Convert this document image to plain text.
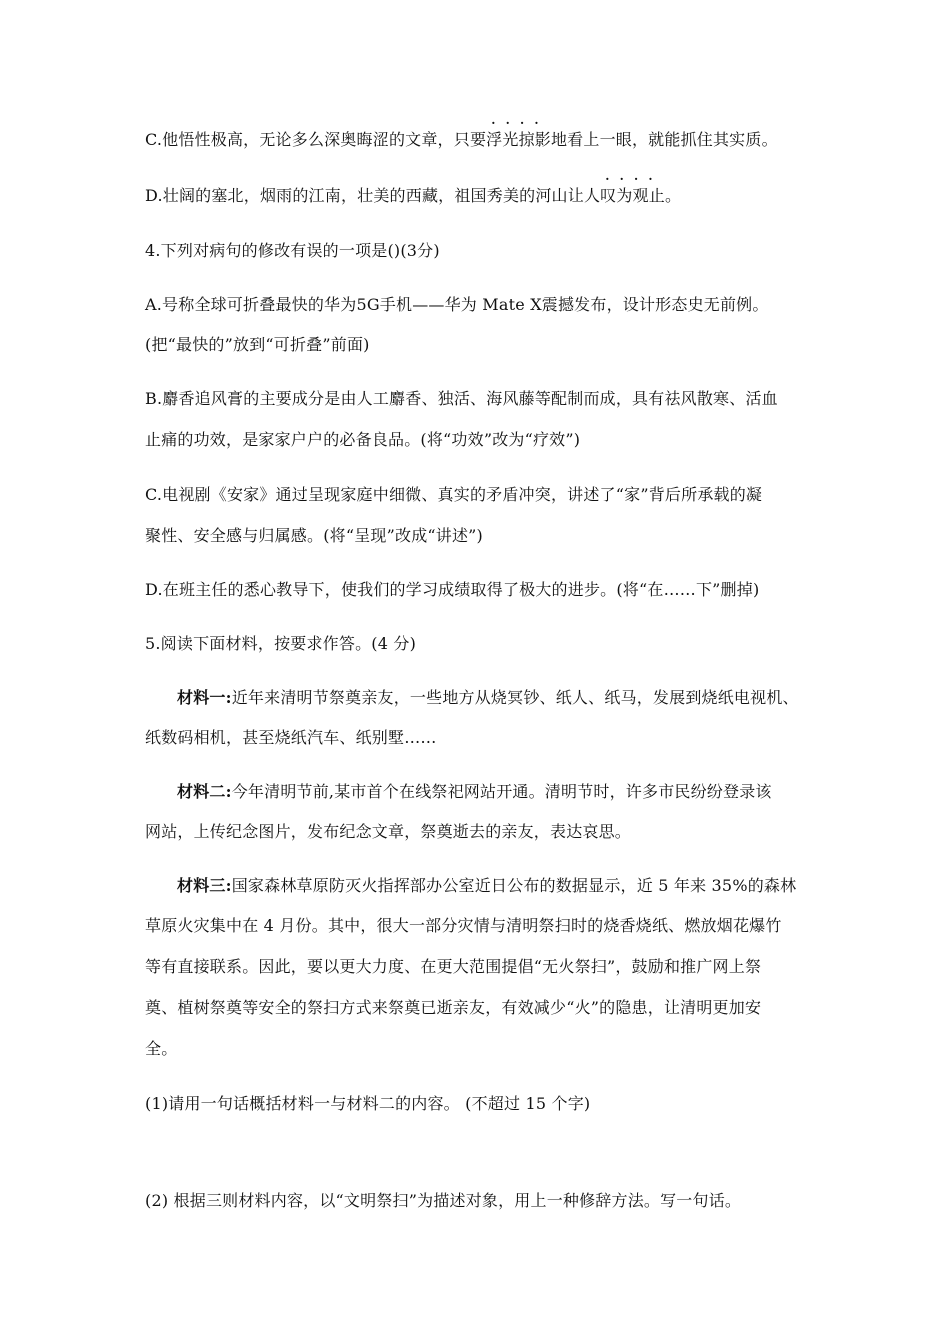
····
C.他悟性极高，无论多么深奥晦涩的文章，只要浮光掠影地看上一眼，就能抓住其实质。
····
D.壮阔的塞北，烟雨的江南，壮美的西藏，祖国秀美的河山让人叹为观止。
4.下列对病句的修改有误的一项是()(3分)
A.号称全球可折叠最快的华为5G手机——华为 Mate X震撼发布，设计形态史无前例。
(把“最快的”放到“可折叠”前面)
B.麝香追风膏的主要成分是由人工麝香、独活、海风藤等配制而成，具有祛风散寒、活血
止痛的功效，是家家户户的必备良品。(将“功效”改为“疗效”)
C.电视剧《安家》通过呈现家庭中细微、真实的矛盾冲突，讲述了“家”背后所承载的凝
聚性、安全感与归属感。(将“呈现”改成“讲述”)
D.在班主任的悉心教导下，使我们的学习成绩取得了极大的进步。(将“在……下”删掉)
5.阅读下面材料，按要求作答。(4 分)
材料一:近年来清明节祭奠亲友，一些地方从烧冥钞、纸人、纸马，发展到烧纸电视机、
纸数码相机，甚至烧纸汽车、纸别墅……
材料二:今年清明节前,某市首个在线祭祀网站开通。清明节时，许多市民纷纷登录该
网站，上传纪念图片，发布纪念文章，祭奠逝去的亲友，表达哀思。
材料三:国家森林草原防灭火指挥部办公室近日公布的数据显示，近 5 年来 35%的森林
草原火灾集中在 4 月份。其中，很大一部分灾情与清明祭扫时的烧香烧纸、燃放烟花爆竹
等有直接联系。因此，要以更大力度、在更大范围提倡“无火祭扫”，鼓励和推广网上祭
奠、植树祭奠等安全的祭扫方式来祭奠已逝亲友，有效减少“火”的隐患，让清明更加安
全。
(1)请用一句话概括材料一与材料二的内容。 (不超过 15 个字)
(2) 根据三则材料内容，以“文明祭扫”为描述对象，用上一种修辞方法。写一句话。
